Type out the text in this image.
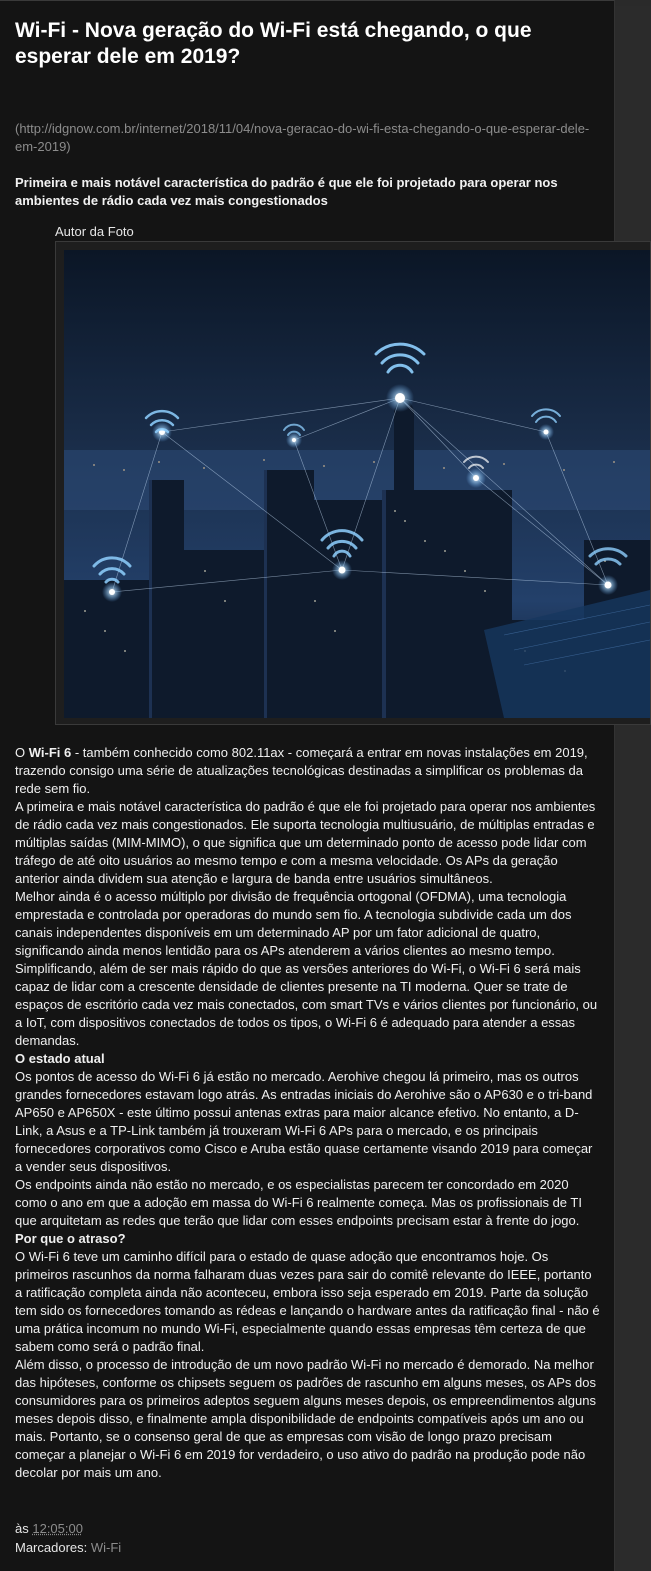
Wi-Fi - Nova geração do Wi-Fi está chegando, o que esperar dele em 2019?
(http://idgnow.com.br/internet/2018/11/04/nova-geracao-do-wi-fi-esta-chegando-o-que-esperar-dele-em-2019)
Primeira e mais notável característica do padrão é que ele foi projetado para operar nos ambientes de rádio cada vez mais congestionados
Autor da Foto

O Wi-Fi 6 - também conhecido como 802.11ax - começará a entrar em novas instalações em 2019, trazendo consigo uma série de atualizações tecnológicas destinadas a simplificar os problemas da rede sem fio.

A primeira e mais notável característica do padrão é que ele foi projetado para operar nos ambientes de rádio cada vez mais congestionados. Ele suporta tecnologia multiusuário, de múltiplas entradas e múltiplas saídas (MIM-MIMO), o que significa que um determinado ponto de acesso pode lidar com tráfego de até oito usuários ao mesmo tempo e com a mesma velocidade. Os APs da geração anterior ainda dividem sua atenção e largura de banda entre usuários simultâneos.

Melhor ainda é o acesso múltiplo por divisão de frequência ortogonal (OFDMA), uma tecnologia emprestada e controlada por operadoras do mundo sem fio. A tecnologia subdivide cada um dos canais independentes disponíveis em um determinado AP por um fator adicional de quatro, significando ainda menos lentidão para os APs atenderem a vários clientes ao mesmo tempo.

Simplificando, além de ser mais rápido do que as versões anteriores do Wi-Fi, o Wi-Fi 6 será mais capaz de lidar com a crescente densidade de clientes presente na TI moderna. Quer se trate de espaços de escritório cada vez mais conectados, com smart TVs e vários clientes por funcionário, ou a IoT, com dispositivos conectados de todos os tipos, o Wi-Fi 6 é adequado para atender a essas demandas.

O estado atual

Os pontos de acesso do Wi-Fi 6 já estão no mercado. Aerohive chegou lá primeiro, mas os outros grandes fornecedores estavam logo atrás. As entradas iniciais do Aerohive são o AP630 e o tri-band AP650 e AP650X - este último possui antenas extras para maior alcance efetivo. No entanto, a D-Link, a Asus e a TP-Link também já trouxeram Wi-Fi 6 APs para o mercado, e os principais fornecedores corporativos como Cisco e Aruba estão quase certamente visando 2019 para começar a vender seus dispositivos.

Os endpoints ainda não estão no mercado, e os especialistas parecem ter concordado em 2020 como o ano em que a adoção em massa do Wi-Fi 6 realmente começa. Mas os profissionais de TI que arquitetam as redes que terão que lidar com esses endpoints precisam estar à frente do jogo.

Por que o atraso?

O Wi-Fi 6 teve um caminho difícil para o estado de quase adoção que encontramos hoje. Os primeiros rascunhos da norma falharam duas vezes para sair do comitê relevante do IEEE, portanto a ratificação completa ainda não aconteceu, embora isso seja esperado em 2019. Parte da solução tem sido os fornecedores tomando as rédeas e lançando o hardware antes da ratificação final - não é uma prática incomum no mundo Wi-Fi, especialmente quando essas empresas têm certeza de que sabem como será o padrão final.

Além disso, o processo de introdução de um novo padrão Wi-Fi no mercado é demorado. Na melhor das hipóteses, conforme os chipsets seguem os padrões de rascunho em alguns meses, os APs dos consumidores para os primeiros adeptos seguem alguns meses depois, os empreendimentos alguns meses depois disso, e finalmente ampla disponibilidade de endpoints compatíveis após um ano ou mais. Portanto, se o consenso geral de que as empresas com visão de longo prazo precisam começar a planejar o Wi-Fi 6 em 2019 for verdadeiro, o uso ativo do padrão na produção pode não decolar por mais um ano.

às 12:05:00
Marcadores: Wi-Fi
